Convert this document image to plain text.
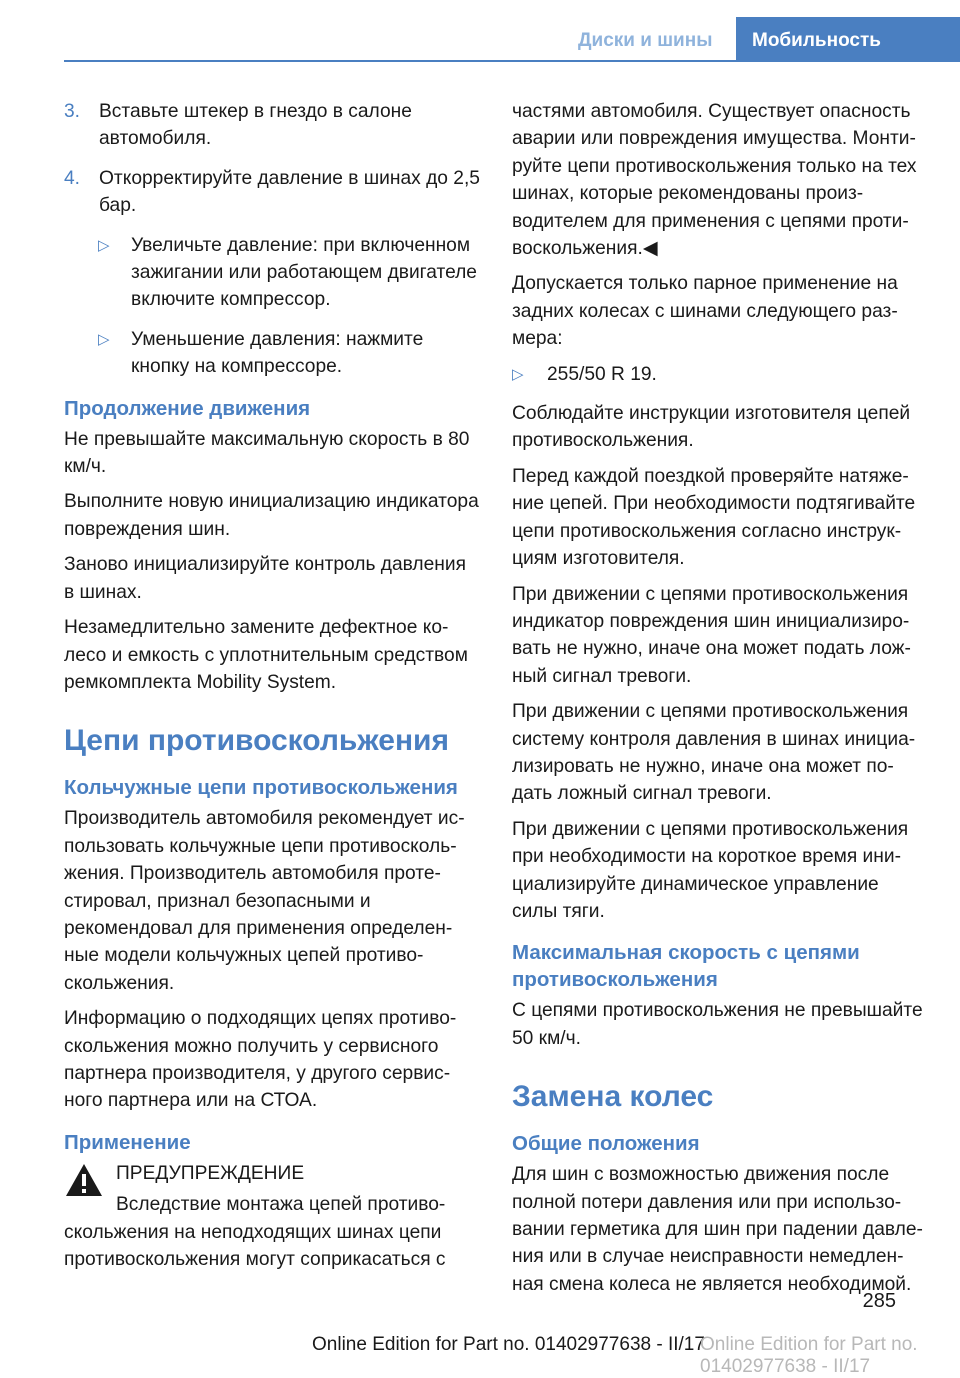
Диски и шины	Мобильность
3. Вставьте штекер в гнездо в салоне автомобиля.
4. Откорректируйте давление в шинах до 2,5 бар.
▷ Увеличьте давление: при включенном зажигании или работающем двигателе включите компрессор.
▷ Уменьшение давления: нажмите кнопку на компрессоре.
Продолжение движения

Не превышайте максимальную скорость в 80 км/ч.

Выполните новую инициализацию индикатора повреждения шин.

Заново инициализируйте контроль давления в шинах.

Незамедлительно замените дефектное колесо и емкость с уплотнительным средством ремкомплекта Mobility System.

Цепи противоскольжения
Кольчужные цепи противоскольжения

Производитель автомобиля рекомендует использовать кольчужные цепи противоскольжения. Производитель автомобиля протестировал, признал безопасными и рекомендовал для применения определенные модели кольчужных цепей противоскольжения.

Информацию о подходящих цепях противоскольжения можно получить у сервисного партнера производителя, у другого сервисного партнера или на СТОА.

Применение

ПРЕДУПРЕЖДЕНИЕ

Вследствие монтажа цепей противоскольжения на неподходящих шинах цепи противоскольжения могут соприкасаться с

частями автомобиля. Существует опасность аварии или повреждения имущества. Монтируйте цепи противоскольжения только на тех шинах, которые рекомендованы производителем для применения с цепями противоскольжения.◀

Допускается только парное применение на задних колесах с шинами следующего размера:

▷ 255/50 R 19.

Соблюдайте инструкции изготовителя цепей противоскольжения.

Перед каждой поездкой проверяйте натяжение цепей. При необходимости подтягивайте цепи противоскольжения согласно инструкциям изготовителя.

При движении с цепями противоскольжения индикатор повреждения шин инициализировать не нужно, иначе она может подать ложный сигнал тревоги.

При движении с цепями противоскольжения систему контроля давления в шинах инициализировать не нужно, иначе она может подать ложный сигнал тревоги.

При движении с цепями противоскольжения при необходимости на короткое время инициализируйте динамическое управление силы тяги.

Максимальная скорость с цепями противоскольжения

С цепями противоскольжения не превышайте 50 км/ч.

Замена колес
Общие положения

Для шин с возможностью движения после полной потери давления или при использовании герметика для шин при падении давления или в случае неисправности немедленная смена колеса не является необходимой.

285
Online Edition for Part no. 01402977638 - II/17
Online Edition for Part no. 01402977638 - II/17
